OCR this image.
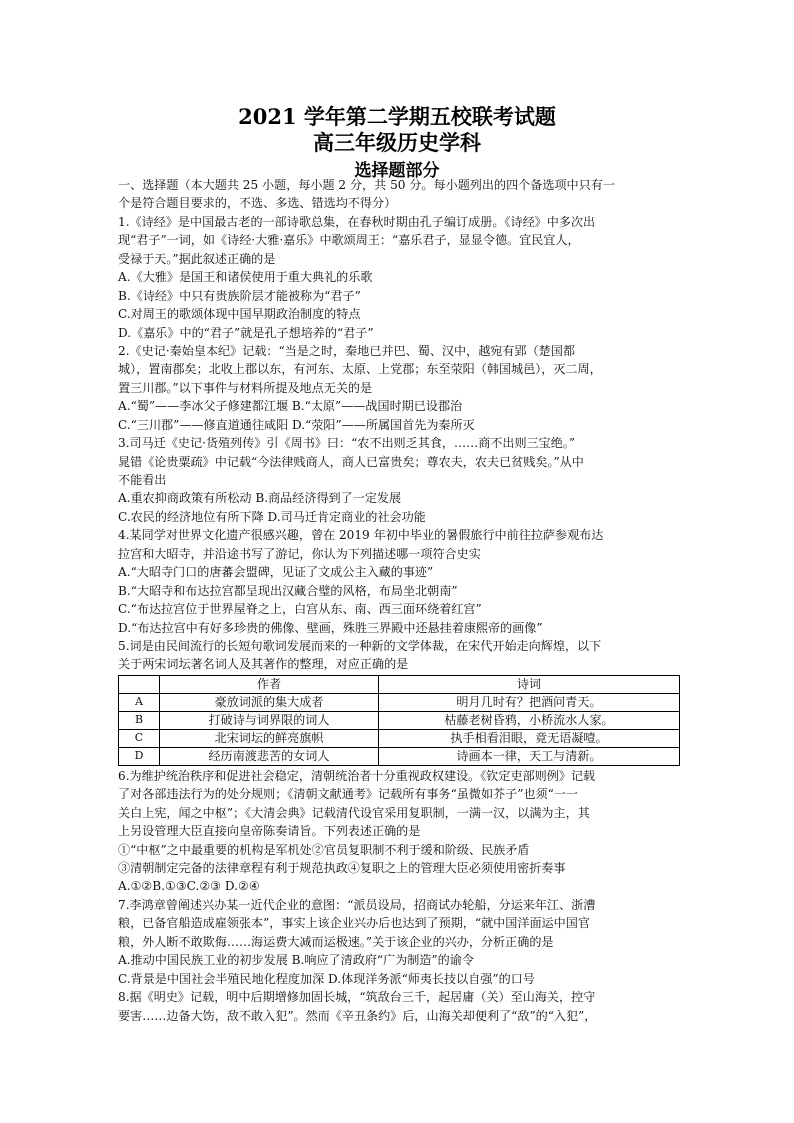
2021 学年第二学期五校联考试题
高三年级历史学科
选择题部分
一、选择题（本大题共 25 小题，每小题 2 分，共 50 分。每小题列出的四个备选项中只有一
个是符合题目要求的，不选、多选、错选均不得分）
1.《诗经》是中国最古老的一部诗歌总集，在春秋时期由孔子编订成册。《诗经》中多次出
现“君子”一词，如《诗经·大雅·嘉乐》中歌颂周王：“嘉乐君子，显显令德。宜民宜人，
受禄于天。”据此叙述正确的是
A.《大雅》是国王和诸侯使用于重大典礼的乐歌
B.《诗经》中只有贵族阶层才能被称为“君子”
C.对周王的歌颂体现中国早期政治制度的特点
D.《嘉乐》中的“君子”就是孔子想培养的“君子”
2.《史记·秦始皇本纪》记载：“当是之时，秦地已并巴、蜀、汉中，越宛有郢（楚国都
城），置南郡矣；北收上郡以东，有河东、太原、上党郡；东至荥阳（韩国城邑），灭二周，
置三川郡。”以下事件与材料所提及地点无关的是
A.“蜀”——李冰父子修建都江堰 B.“太原”——战国时期已设郡治
C.“三川郡”——修直道通往咸阳 D.“荥阳”——所属国首先为秦所灭
3.司马迁《史记·货殖列传》引《周书》曰：“农不出则乏其食，……商不出则三宝绝。”
晁错《论贵粟疏》中记载“今法律贱商人，商人已富贵矣；尊农夫，农夫已贫贱矣。”从中
不能看出
A.重农抑商政策有所松动 B.商品经济得到了一定发展
C.农民的经济地位有所下降 D.司马迁肯定商业的社会功能
4.某同学对世界文化遗产很感兴趣，曾在 2019 年初中毕业的暑假旅行中前往拉萨参观布达
拉宫和大昭寺，并沿途书写了游记，你认为下列描述哪一项符合史实
A.“大昭寺门口的唐蕃会盟碑，见证了文成公主入藏的事迹”
B.“大昭寺和布达拉宫都呈现出汉藏合璧的风格，布局坐北朝南”
C.“布达拉宫位于世界屋脊之上，白宫从东、南、西三面环绕着红宫”
D.“布达拉宫中有好多珍贵的佛像、壁画，殊胜三界殿中还悬挂着康熙帝的画像”
5.词是由民间流行的长短句歌词发展而来的一种新的文学体裁，在宋代开始走向辉煌，以下
关于两宋词坛著名词人及其著作的整理，对应正确的是
	作者	诗词
A	豪放词派的集大成者	明月几时有？把酒问青天。
B	打破诗与词界限的词人	枯藤老树昏鸦，小桥流水人家。
C	北宋词坛的鲜亮旗帜	执手相看泪眼，竟无语凝噎。
D	经历南渡悲苦的女词人	诗画本一律，天工与清新。
6.为维护统治秩序和促进社会稳定，清朝统治者十分重视政权建设。《钦定吏部则例》记载
了对各部违法行为的处分规则；《清朝文献通考》记载所有事务“虽微如芥子”也须“一一
关白上宪，闻之中枢”；《大清会典》记载清代设官采用复职制，一满一汉，以满为主，其
上另设管理大臣直接向皇帝陈奏请旨。下列表述正确的是
①“中枢”之中最重要的机构是军机处②官员复职制不利于缓和阶级、民族矛盾
③清朝制定完备的法律章程有利于规范执政④复职之上的管理大臣必须使用密折奏事
A.①②B.①③C.②③ D.②④
7.李鸿章曾阐述兴办某一近代企业的意图：“派员设局，招商试办轮船，分运来年江、浙漕
粮，已备官船造成雇领张本”，事实上该企业兴办后也达到了预期，“就中国洋面运中国官
粮，外人断不敢欺侮……海运费大减而运极速。”关于该企业的兴办，分析正确的是
A.推动中国民族工业的初步发展 B.响应了清政府“广为制造”的谕令
C.背景是中国社会半殖民地化程度加深 D.体现洋务派“师夷长技以自强”的口号
8.据《明史》记载，明中后期增修加固长城，“筑敌台三千，起居庸（关）至山海关，控守
要害……边备大饬，敌不敢入犯”。然而《辛丑条约》后，山海关却便利了“敌”的“入犯”，
